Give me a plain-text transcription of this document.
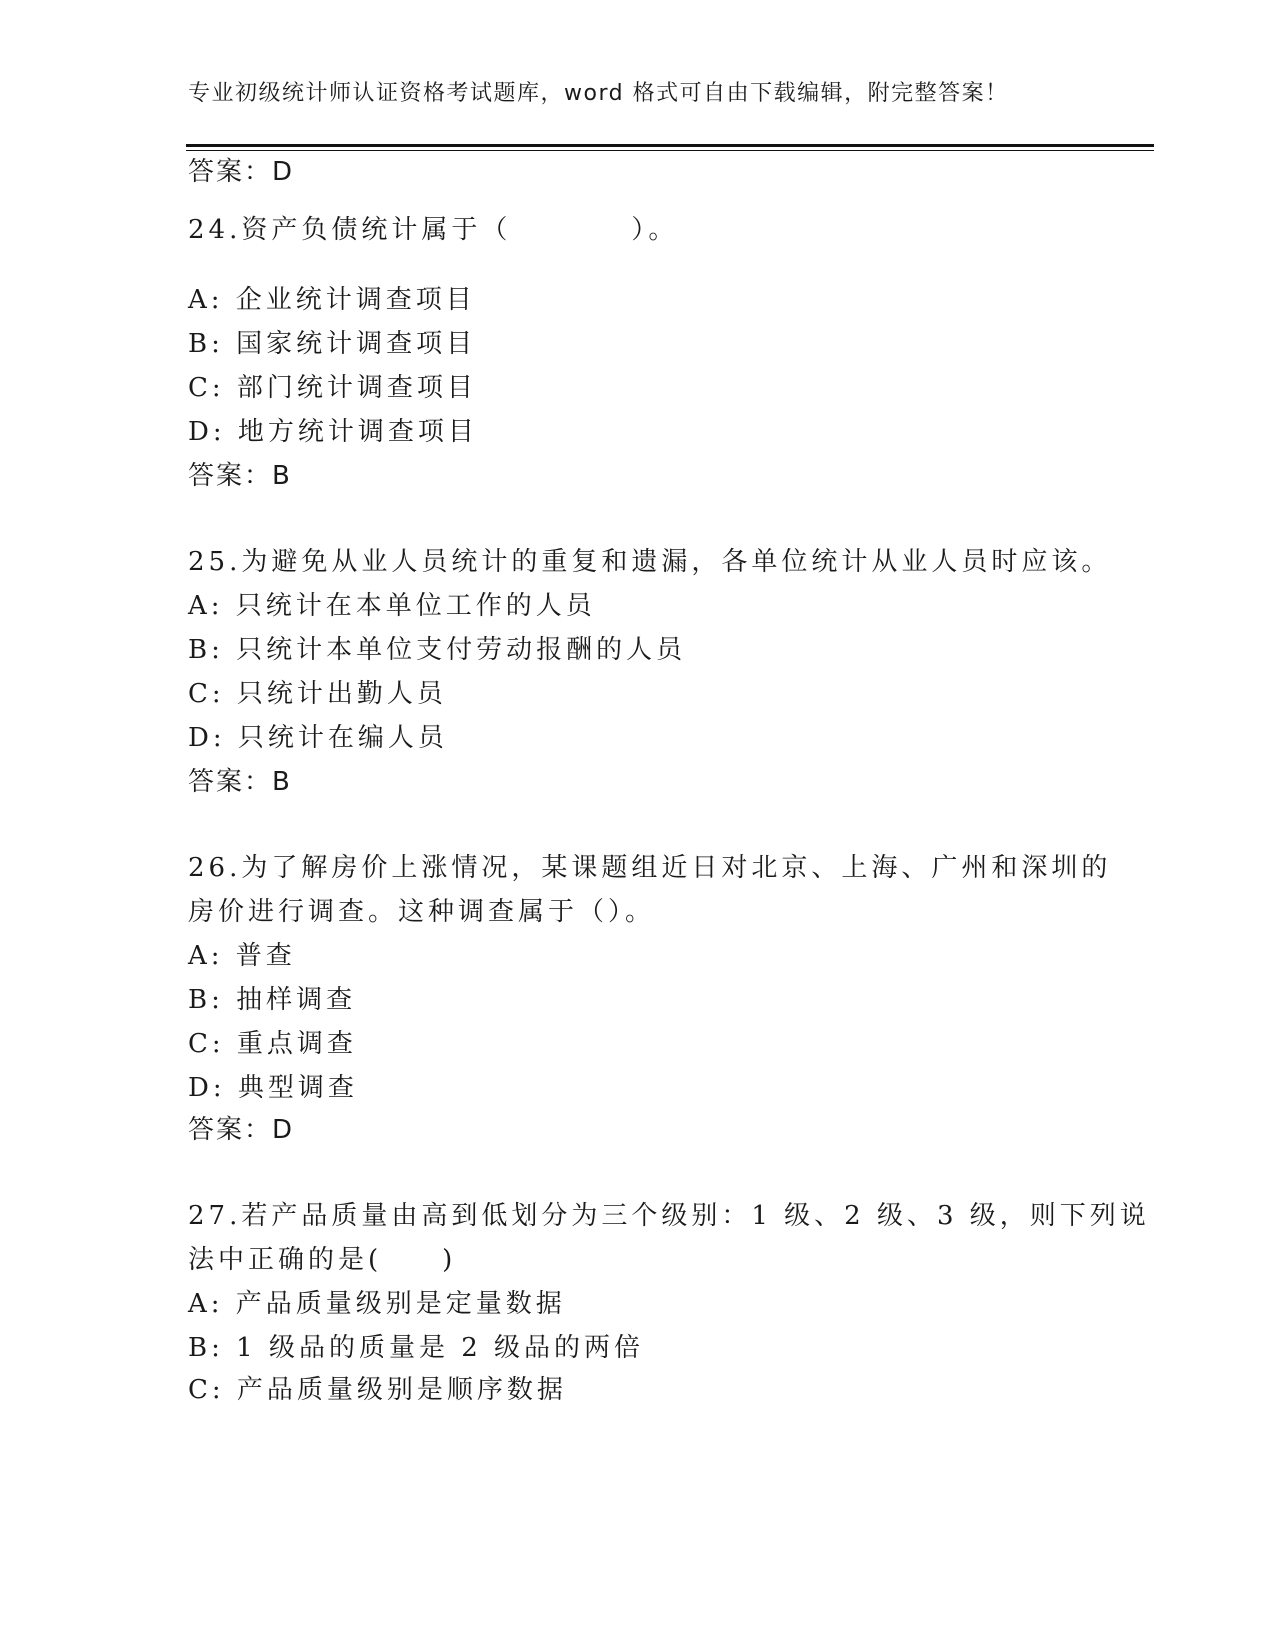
专业初级统计师认证资格考试题库，word 格式可自由下载编辑，附完整答案！
答案：D
24.资产负债统计属于（　　　　）。
A: 企业统计调查项目
B: 国家统计调查项目
C: 部门统计调查项目
D: 地方统计调查项目
答案：B
25.为避免从业人员统计的重复和遗漏，各单位统计从业人员时应该。
A: 只统计在本单位工作的人员
B: 只统计本单位支付劳动报酬的人员
C: 只统计出勤人员
D: 只统计在编人员
答案：B
26.为了解房价上涨情况，某课题组近日对北京、上海、广州和深圳的
房价进行调查。这种调查属于（）。
A: 普查
B: 抽样调查
C: 重点调查
D: 典型调查
答案：D
27.若产品质量由高到低划分为三个级别：1 级、2 级、3 级，则下列说
法中正确的是(　　)
A: 产品质量级别是定量数据
B: 1 级品的质量是 2 级品的两倍
C: 产品质量级别是顺序数据
